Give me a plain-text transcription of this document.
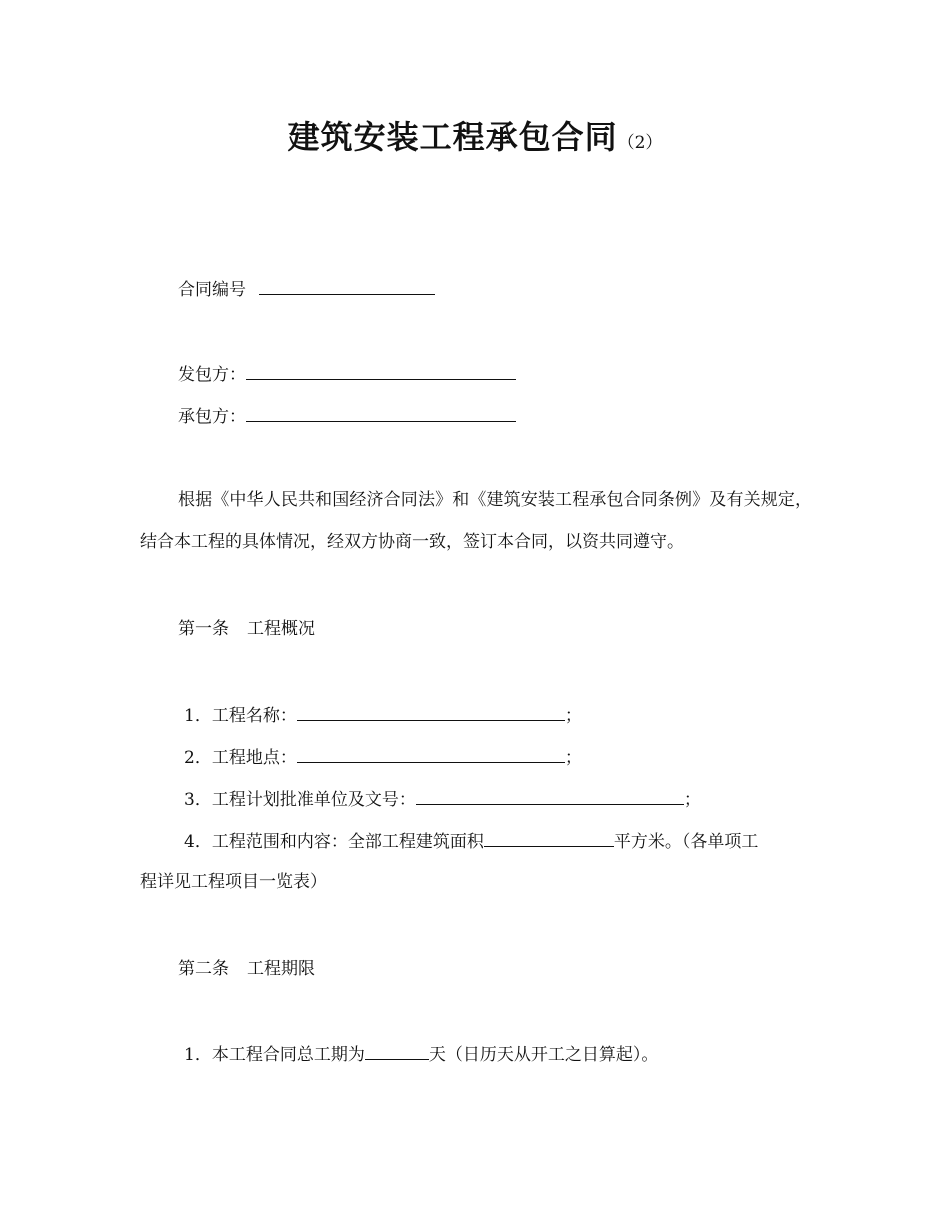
建筑安装工程承包合同（2）
合同编号
发包方：
承包方：
根据《中华人民共和国经济合同法》和《建筑安装工程承包合同条例》及有关规定，结合本工程的具体情况，经双方协商一致，签订本合同，以资共同遵守。
第一条 工程概况
1．工程名称：	；
2．工程地点：	；
3．工程计划批准单位及文号：	；
4．工程范围和内容：全部工程建筑面积	平方米。（各单项工
程详见工程项目一览表）
第二条 工程期限
1．本工程合同总工期为	天（日历天从开工之日算起）。
